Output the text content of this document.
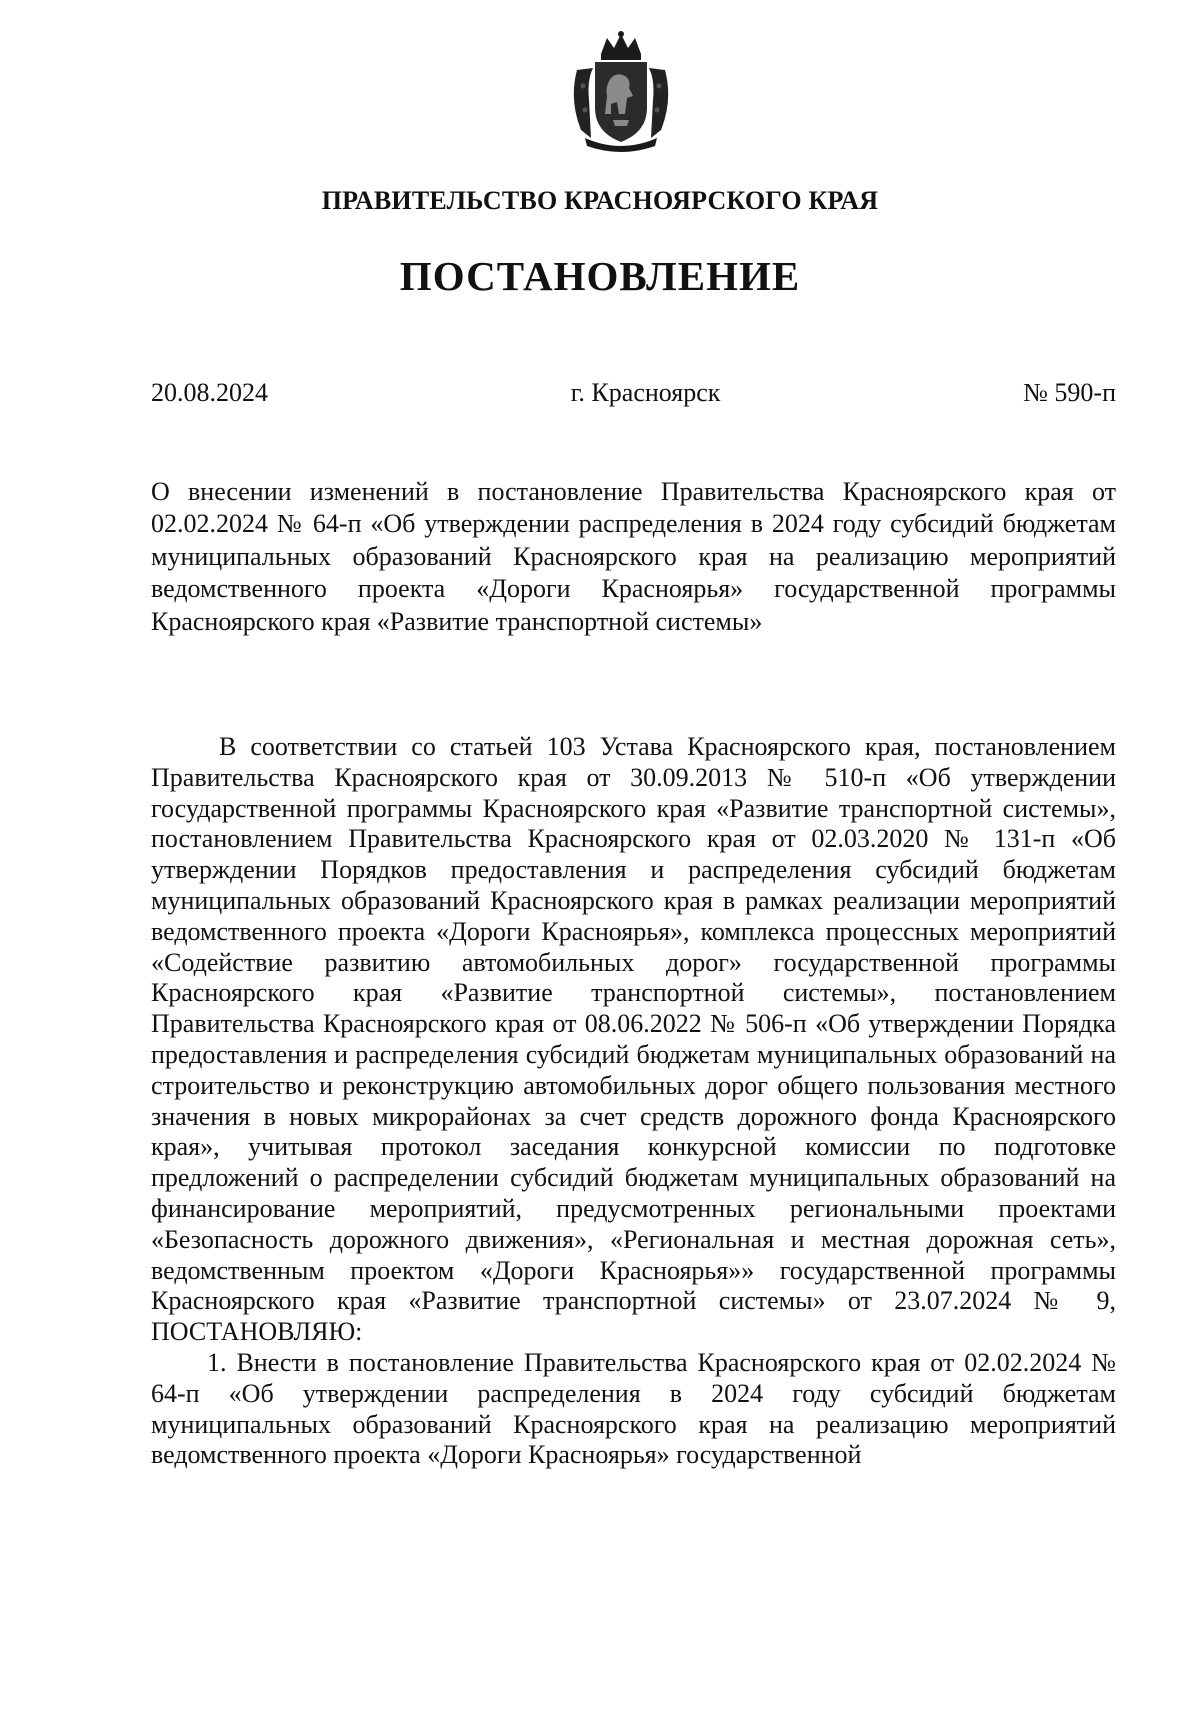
ПРАВИТЕЛЬСТВО КРАСНОЯРСКОГО КРАЯ
ПОСТАНОВЛЕНИЕ
20.08.2024	г. Красноярск	№ 590-п
О внесении изменений в постановление Правительства Красноярского края от 02.02.2024 № 64-п «Об утверждении распределения в 2024 году субсидий бюджетам муниципальных образований Красноярского края на реализацию мероприятий ведомственного проекта «Дороги Красноярья» государственной программы Красноярского края «Развитие транспортной системы»

В соответствии со статьей 103 Устава Красноярского края, постановлением Правительства Красноярского края от 30.09.2013 № 510-п «Об утверждении государственной программы Красноярского края «Развитие транспортной системы», постановлением Правительства Красноярского края от 02.03.2020 № 131-п «Об утверждении Порядков предоставления и распределения субсидий бюджетам муниципальных образований Красноярского края в рамках реализации мероприятий ведомственного проекта «Дороги Красноярья», комплекса процессных мероприятий «Содействие развитию автомобильных дорог» государственной программы Красноярского края «Развитие транспортной системы», постановлением Правительства Красноярского края от 08.06.2022 № 506-п «Об утверждении Порядка предоставления и распределения субсидий бюджетам муниципальных образований на строительство и реконструкцию автомобильных дорог общего пользования местного значения в новых микрорайонах за счет средств дорожного фонда Красноярского края», учитывая протокол заседания конкурсной комиссии по подготовке предложений о распределении субсидий бюджетам муниципальных образований на финансирование мероприятий, предусмотренных региональными проектами «Безопасность дорожного движения», «Региональная и местная дорожная сеть», ведомственным проектом «Дороги Красноярья»» государственной программы Красноярского края «Развитие транспортной системы» от 23.07.2024 № 9, ПОСТАНОВЛЯЮ:

1. Внести в постановление Правительства Красноярского края от 02.02.2024 № 64-п «Об утверждении распределения в 2024 году субсидий бюджетам муниципальных образований Красноярского края на реализацию мероприятий ведомственного проекта «Дороги Красноярья» государственной
